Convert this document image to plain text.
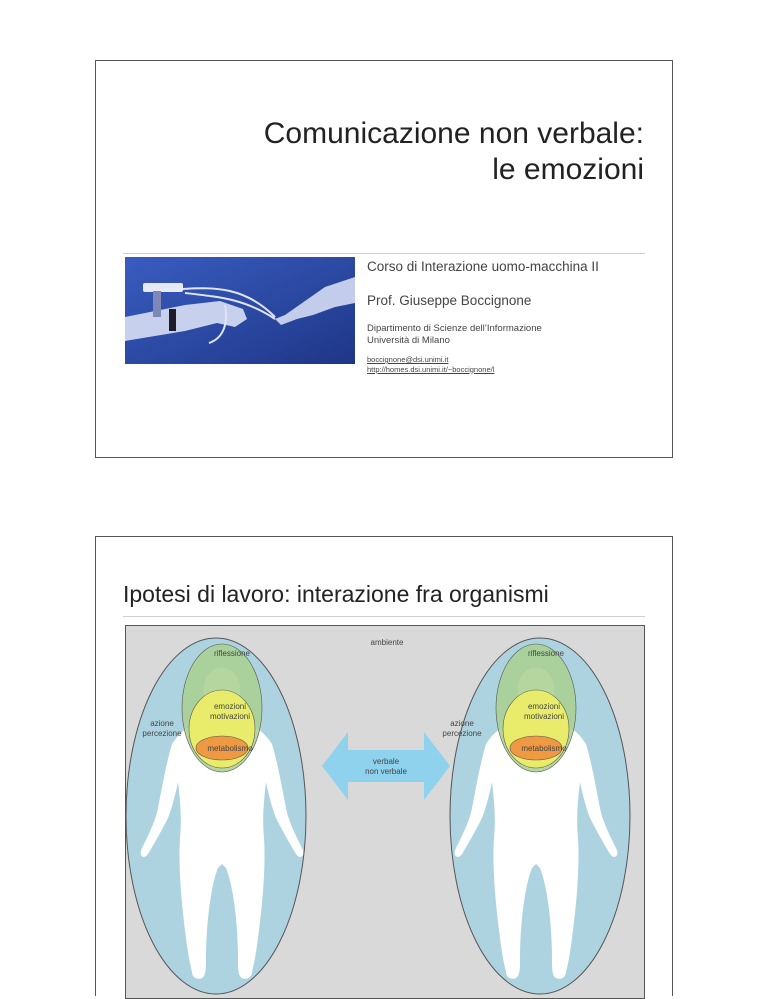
Comunicazione non verbale:
le emozioni

Corso di Interazione uomo-macchina II

Prof. Giuseppe Boccignone

Dipartimento di Scienze dell’Informazione
Università di Milano

boccignone@dsi.unimi.it
http://homes.dsi.unimi.it/~boccignone/l
Ipotesi di lavoro: interazione fra organismi
ambiente
riflessione
emozioni
motivazioni
azione
percezione
metabolismo
riflessione
emozioni
motivazioni
azione
percezione
metabolismo
verbale
non verbale
